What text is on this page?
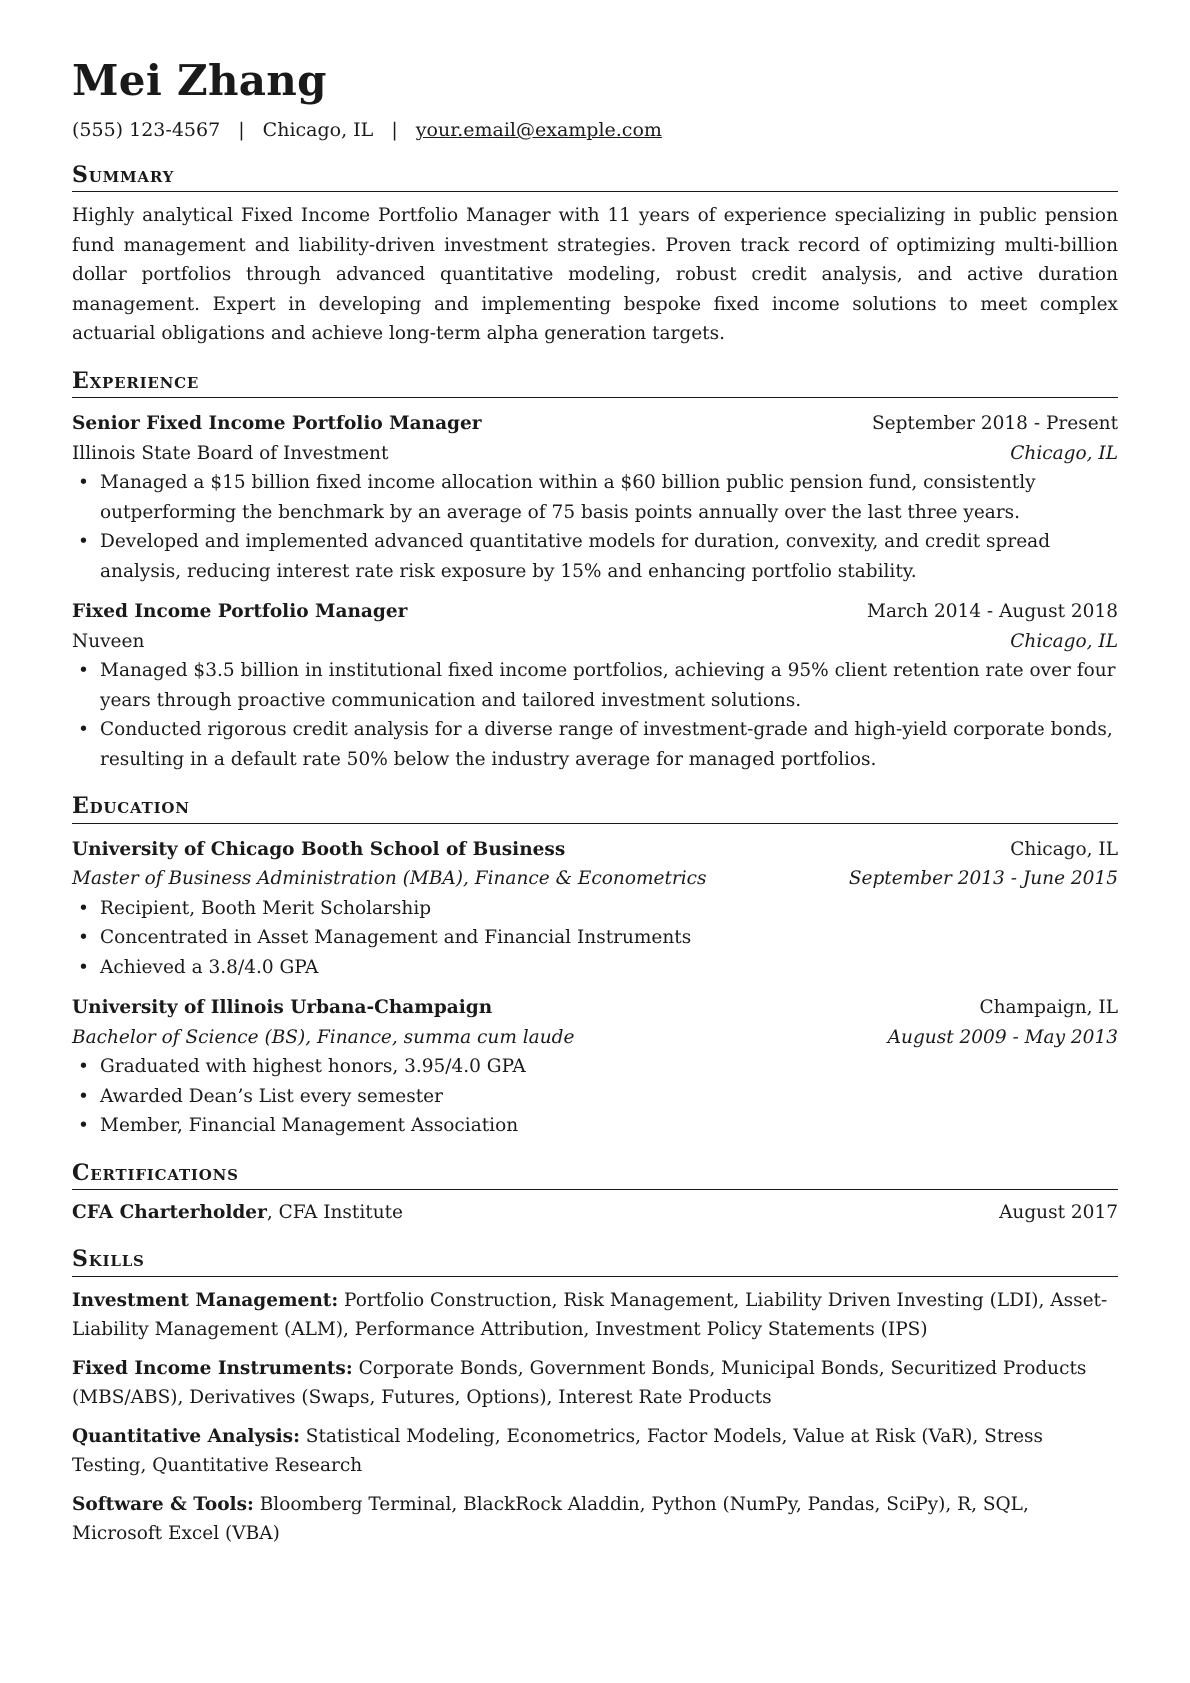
Mei Zhang
(555) 123-4567 | Chicago, IL | your.email@example.com
Summary
Highly analytical Fixed Income Portfolio Manager with 11 years of experience specializing in public pension fund management and liability-driven investment strategies. Proven track record of optimizing multi-billion dollar portfolios through advanced quantitative modeling, robust credit analysis, and active duration management. Expert in developing and implementing bespoke fixed income solutions to meet complex actuarial obligations and achieve long-term alpha generation targets.
Experience
Senior Fixed Income Portfolio Manager	September 2018 - Present
Illinois State Board of Investment	Chicago, IL
• Managed a $15 billion fixed income allocation within a $60 billion public pension fund, consistently outperforming the benchmark by an average of 75 basis points annually over the last three years.
• Developed and implemented advanced quantitative models for duration, convexity, and credit spread analysis, reducing interest rate risk exposure by 15% and enhancing portfolio stability.
Fixed Income Portfolio Manager	March 2014 - August 2018
Nuveen	Chicago, IL
• Managed $3.5 billion in institutional fixed income portfolios, achieving a 95% client retention rate over four years through proactive communication and tailored investment solutions.
• Conducted rigorous credit analysis for a diverse range of investment-grade and high-yield corporate bonds, resulting in a default rate 50% below the industry average for managed portfolios.
Education
University of Chicago Booth School of Business	Chicago, IL
Master of Business Administration (MBA), Finance & Econometrics	September 2013 - June 2015
• Recipient, Booth Merit Scholarship
• Concentrated in Asset Management and Financial Instruments
• Achieved a 3.8/4.0 GPA
University of Illinois Urbana-Champaign	Champaign, IL
Bachelor of Science (BS), Finance, summa cum laude	August 2009 - May 2013
• Graduated with highest honors, 3.95/4.0 GPA
• Awarded Dean’s List every semester
• Member, Financial Management Association
Certifications
CFA Charterholder, CFA Institute	August 2017
Skills
Investment Management: Portfolio Construction, Risk Management, Liability Driven Investing (LDI), Asset-Liability Management (ALM), Performance Attribution, Investment Policy Statements (IPS)
Fixed Income Instruments: Corporate Bonds, Government Bonds, Municipal Bonds, Securitized Products (MBS/ABS), Derivatives (Swaps, Futures, Options), Interest Rate Products
Quantitative Analysis: Statistical Modeling, Econometrics, Factor Models, Value at Risk (VaR), Stress Testing, Quantitative Research
Software & Tools: Bloomberg Terminal, BlackRock Aladdin, Python (NumPy, Pandas, SciPy), R, SQL, Microsoft Excel (VBA)
